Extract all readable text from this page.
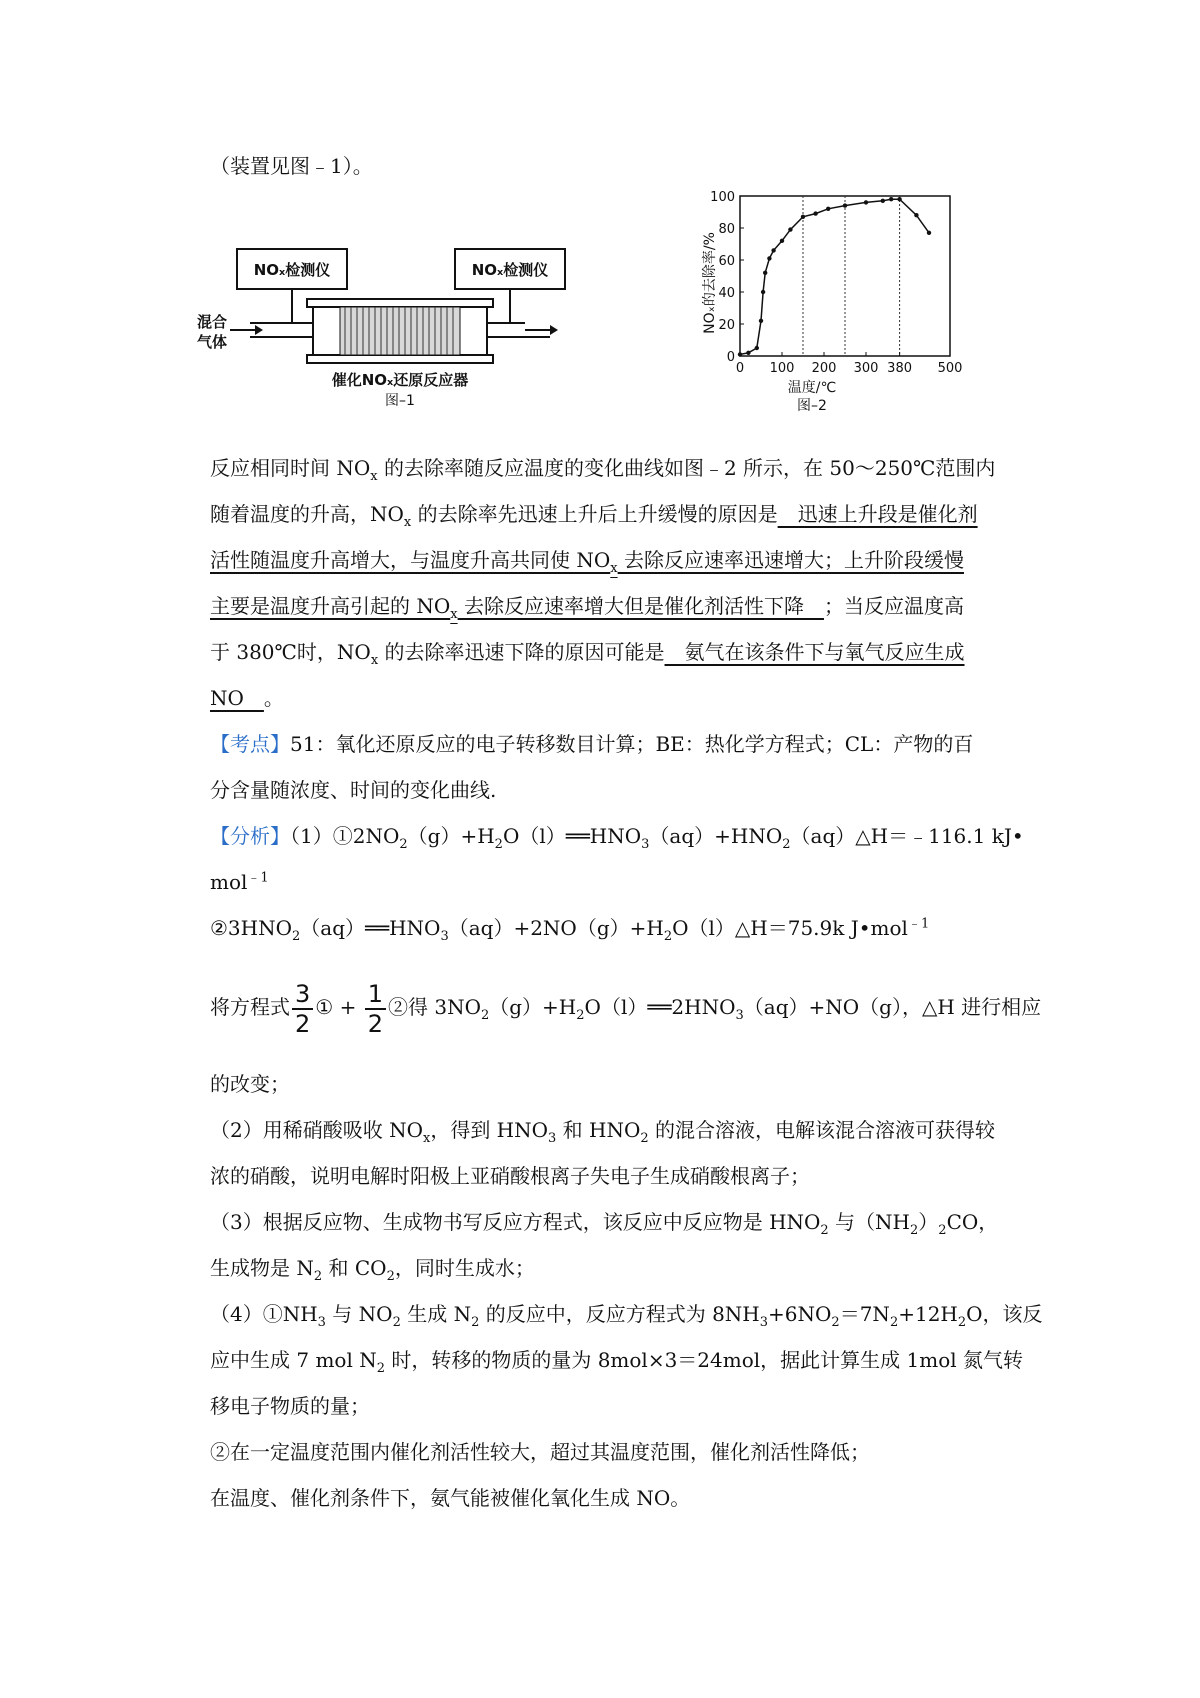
（装置见图﹣1）。
NOₓ检测仪	NOₓ检测仪
混合
气体
催化NOₓ还原反应器
图–1
NOₓ的去除率/%
温度/℃
图–2
0
20
40
60
80
100
0 100 200 300 380 500
反应相同时间 $NO_x$ 的去除率随反应温度的变化曲线如图﹣2 所示，在 50～250℃范围内
随着温度的升高，$NO_x$ 的去除率先迅速上升后上升缓慢的原因是　迅速上升段是催化剂
活性随温度升高增大，与温度升高共同使 $NO_x$ 去除反应速率迅速增大；上升阶段缓慢
主要是温度升高引起的 $NO_x$ 去除反应速率增大但是催化剂活性下降　；当反应温度高
于 380℃时，$NO_x$ 的去除率迅速下降的原因可能是　氨气在该条件下与氧气反应生成
NO　。
【考点】51：氧化还原反应的电子转移数目计算；BE：热化学方程式；CL：产物的百
分含量随浓度、时间的变化曲线.
【分析】$(1)①2NO_2(g)+H_2O(l)══HNO_3(aq)+HNO_2(aq)\triangle H=﹣116.1$ kJ•
mol$^{﹣1}$
$②3HNO_2(aq)══HNO_3(aq)+2NO(g)+H_2O(l)\triangle H=75.9k$ J•mol$^{﹣1}$
将方程式 $\frac{3}{2}$ ① + $\frac{1}{2}$ ②得 $3NO_2(g)+H_2O(l)══2HNO_3(aq)+NO(g)$，△H 进行相应
的改变；
（2）用稀硝酸吸收 $NO_x$，得到 $HNO_3$ 和 $HNO_2$ 的混合溶液，电解该混合溶液可获得较
浓的硝酸，说明电解时阳极上亚硝酸根离子失电子生成硝酸根离子；
（3）根据反应物、生成物书写反应方程式，该反应中反应物是 $HNO_2$ 与$(NH_2)_2CO$，
生成物是 $N_2$ 和 $CO_2$，同时生成水；
$(4)①NH_3$ 与 $NO_2$ 生成 $N_2$ 的反应中，反应方程式为 $8NH_3+6NO_2=7N_2+12H_2O$，该反
应中生成 7 mol $N_2$ 时，转移的物质的量为 8mol×3＝24mol，据此计算生成 1mol 氮气转
移电子物质的量；
②在一定温度范围内催化剂活性较大，超过其温度范围，催化剂活性降低；
在温度、催化剂条件下，氨气能被催化氧化生成 NO。
